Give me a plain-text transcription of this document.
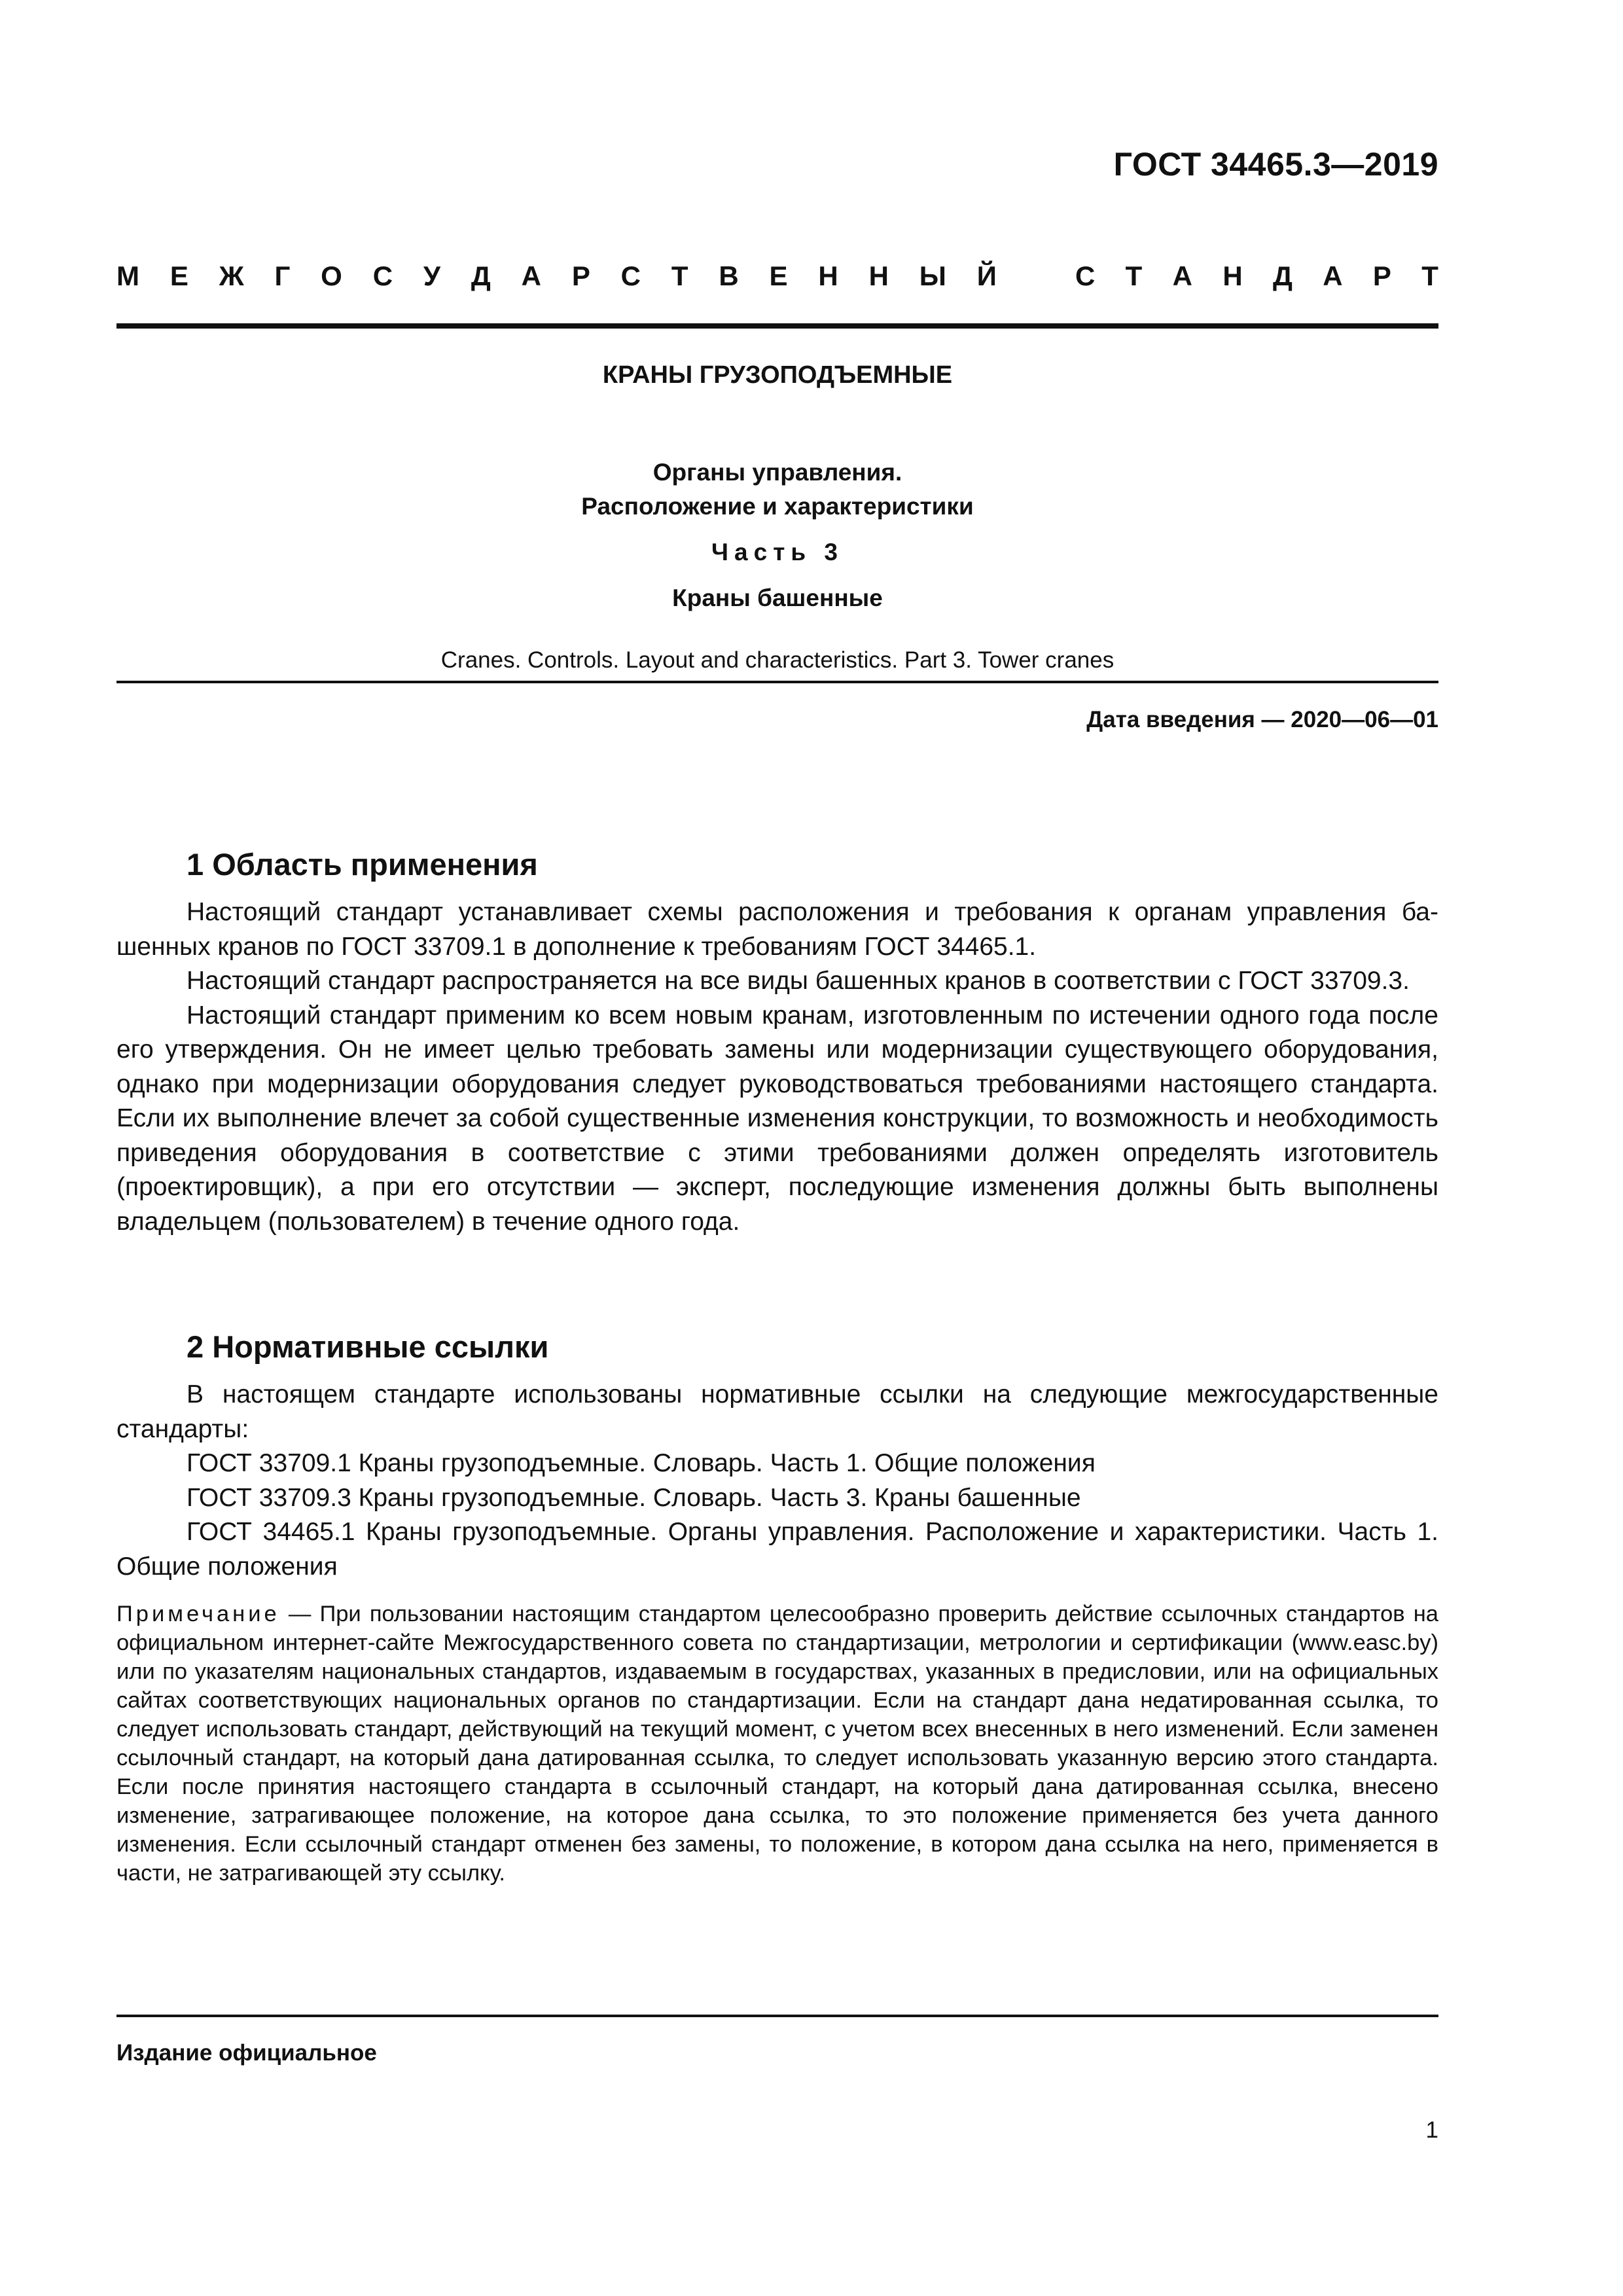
ГОСТ 34465.3—2019
М Е Ж Г О С У Д А Р С Т В Е Н Н Ы Й	С Т А Н Д А Р Т
КРАНЫ ГРУЗОПОДЪЕМНЫЕ
Органы управления.
Расположение и характеристики
Часть 3
Краны башенные
Cranes. Controls. Layout and characteristics. Part 3. Tower cranes
Дата введения — 2020—06—01
1 Область применения

Настоящий стандарт устанавливает схемы расположения и требования к органам управления башенных кранов по ГОСТ 33709.1 в дополнение к требованиям ГОСТ 34465.1.

Настоящий стандарт распространяется на все виды башенных кранов в соответствии с ГОСТ 33709.3.

Настоящий стандарт применим ко всем новым кранам, изготовленным по истечении одного года после его утверждения. Он не имеет целью требовать замены или модернизации существующего оборудования, однако при модернизации оборудования следует руководствоваться требованиями настоящего стандарта. Если их выполнение влечет за собой существенные изменения конструкции, то возможность и необходимость приведения оборудования в соответствие с этими требованиями должен определять изготовитель (проектировщик), а при его отсутствии — эксперт, последующие изменения должны быть выполнены владельцем (пользователем) в течение одного года.

2 Нормативные ссылки

В настоящем стандарте использованы нормативные ссылки на следующие межгосударственные стандарты:

ГОСТ 33709.1 Краны грузоподъемные. Словарь. Часть 1. Общие положения

ГОСТ 33709.3 Краны грузоподъемные. Словарь. Часть 3. Краны башенные

ГОСТ 34465.1 Краны грузоподъемные. Органы управления. Расположение и характеристики. Часть 1. Общие положения

Примечание — При пользовании настоящим стандартом целесообразно проверить действие ссылочных стандартов на официальном интернет-сайте Межгосударственного совета по стандартизации, метрологии и сертификации (www.easc.by) или по указателям национальных стандартов, издаваемым в государствах, указанных в предисловии, или на официальных сайтах соответствующих национальных органов по стандартизации. Если на стандарт дана недатированная ссылка, то следует использовать стандарт, действующий на текущий момент, с учетом всех внесенных в него изменений. Если заменен ссылочный стандарт, на который дана датированная ссылка, то следует использовать указанную версию этого стандарта. Если после принятия настоящего стандарта в ссылочный стандарт, на который дана датированная ссылка, внесено изменение, затрагивающее положение, на которое дана ссылка, то это положение применяется без учета данного изменения. Если ссылочный стандарт отменен без замены, то положение, в котором дана ссылка на него, применяется в части, не затрагивающей эту ссылку.

Издание официальное
1
